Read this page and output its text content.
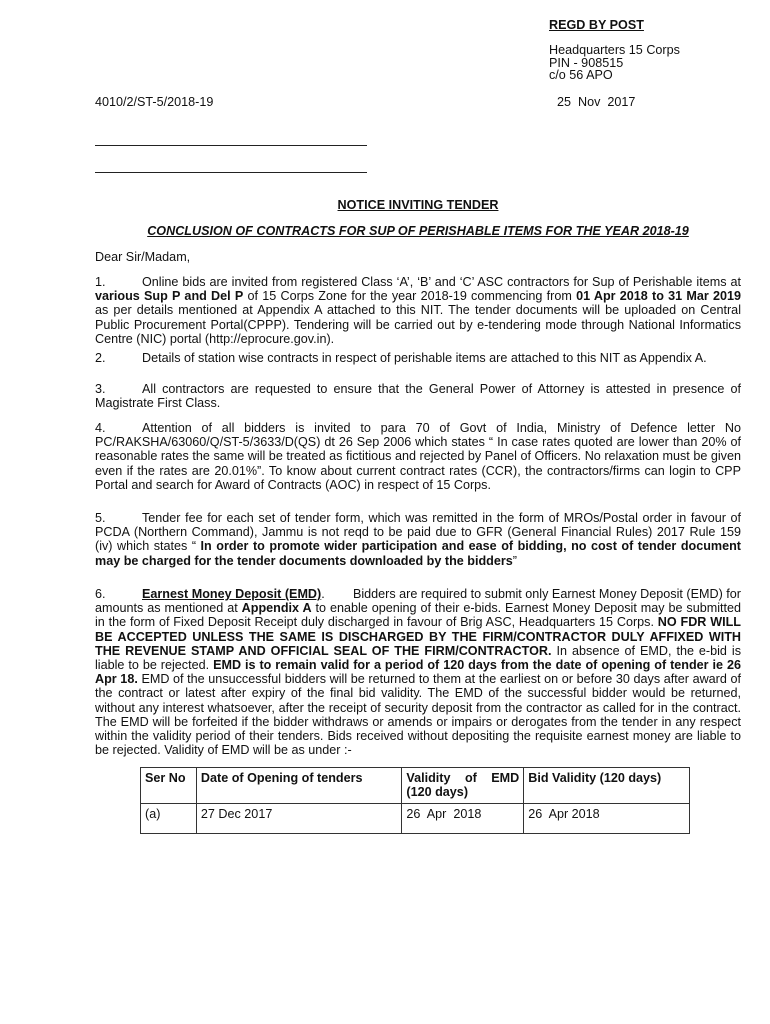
REGD BY POST
Headquarters 15 Corps
PIN - 908515
c/o 56 APO
4010/2/ST-5/2018-19	25  Nov  2017
NOTICE INVITING TENDER
CONCLUSION OF CONTRACTS FOR SUP OF PERISHABLE ITEMS FOR THE YEAR 2018-19
Dear Sir/Madam,

1.	Online bids are invited from registered Class ‘A’, ‘B’ and ‘C’ ASC contractors for Sup of Perishable items at various Sup P and Del P of 15 Corps Zone for the year 2018-19 commencing from 01 Apr 2018 to 31 Mar 2019 as per details mentioned at Appendix A attached to this NIT. The tender documents will be uploaded on Central Public Procurement Portal(CPPP). Tendering will be carried out by e-tendering mode through National Informatics Centre (NIC) portal (http://eprocure.gov.in).

2.	Details of station wise contracts in respect of perishable items are attached to this NIT as Appendix A.

3.	All contractors are requested to ensure that the General Power of Attorney is attested in presence of Magistrate First Class.

4.	Attention of all bidders is invited to para 70 of Govt of India, Ministry of Defence letter No PC/RAKSHA/63060/Q/ST-5/3633/D(QS) dt 26 Sep 2006 which states “ In case rates quoted are lower than 20% of reasonable rates the same will be treated as fictitious and rejected by Panel of Officers. No relaxation must be given even if the rates are 20.01%”. To know about current contract rates (CCR), the contractors/firms can login to CPP Portal and search for Award of Contracts (AOC) in respect of 15 Corps.

5.	Tender fee for each set of tender form, which was remitted in the form of MROs/Postal order in favour of PCDA (Northern Command), Jammu is not reqd to be paid due to GFR (General Financial Rules) 2017 Rule 159 (iv) which states “ In order to promote wider participation and ease of bidding, no cost of tender document may be charged for the tender documents downloaded by the bidders”

6.	Earnest Money Deposit (EMD).        Bidders are required to submit only Earnest Money Deposit (EMD) for amounts as mentioned at Appendix A to enable opening of their e-bids. Earnest Money Deposit may be submitted in the form of Fixed Deposit Receipt duly discharged in favour of Brig ASC, Headquarters 15 Corps. NO FDR WILL BE ACCEPTED UNLESS THE SAME IS DISCHARGED BY THE FIRM/CONTRACTOR DULY AFFIXED WITH THE REVENUE STAMP AND OFFICIAL SEAL OF THE FIRM/CONTRACTOR. In absence of EMD, the e-bid is liable to be rejected. EMD is to remain valid for a period of 120 days from the date of opening of tender ie 26 Apr 18. EMD of the unsuccessful bidders will be returned to them at the earliest on or before 30 days after award of the contract or latest after expiry of the final bid validity. The EMD of the successful bidder would be returned, without any interest whatsoever, after the receipt of security deposit from the contractor as called for in the contract. The EMD will be forfeited if the bidder withdraws or amends or impairs or derogates from the tender in any respect within the validity period of their tenders. Bids received without depositing the requisite earnest money are liable to be rejected. Validity of EMD will be as under :-

Ser No	Date of Opening of tenders	Validity of EMD (120 days)	Bid Validity (120 days)
(a)	27 Dec 2017	26  Apr  2018	26  Apr 2018
